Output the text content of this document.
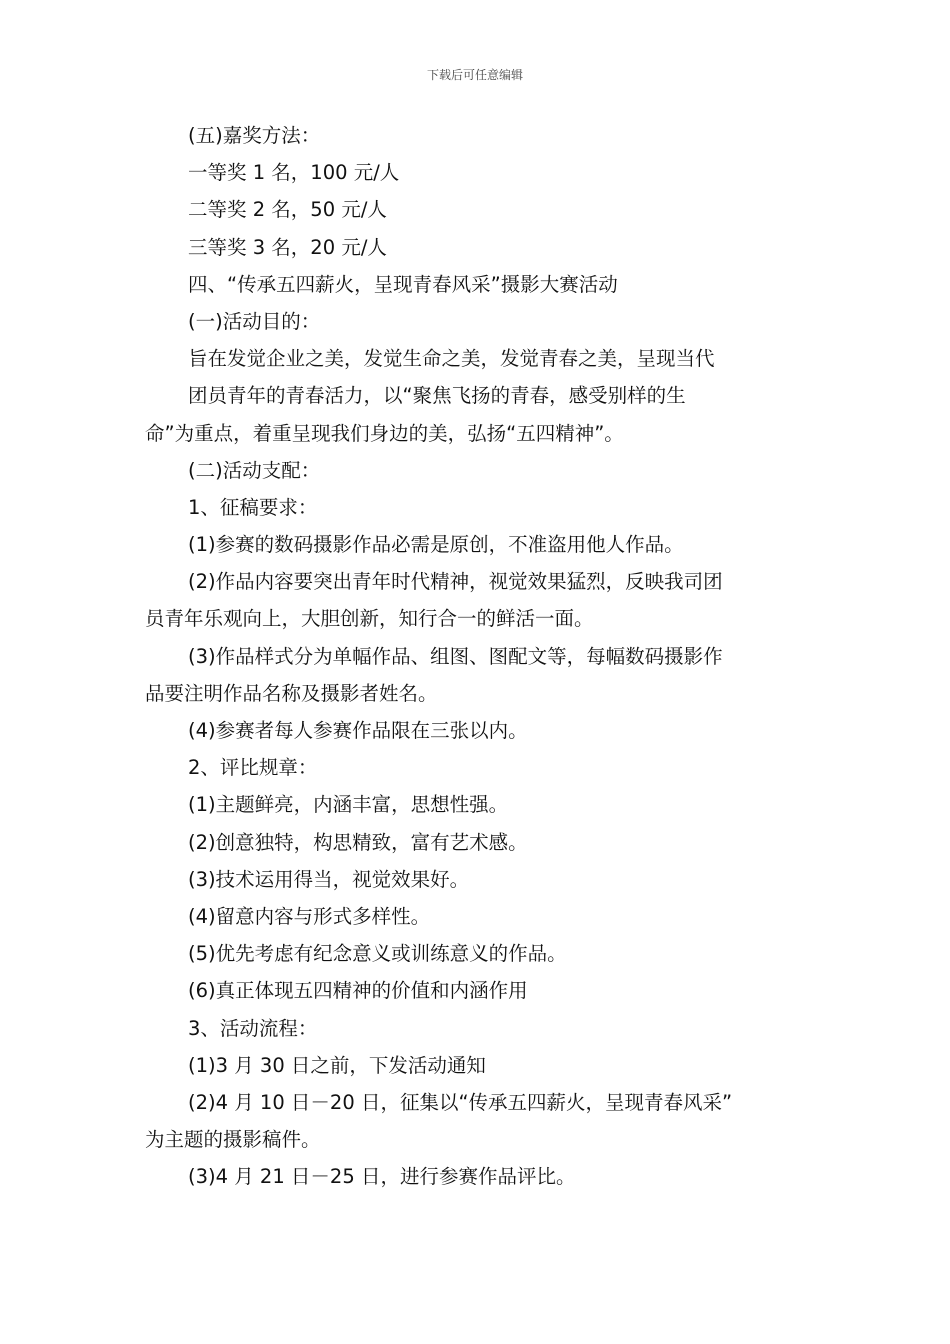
下载后可任意编辑
(五)嘉奖方法：
一等奖 1 名，100 元/人
二等奖 2 名，50 元/人
三等奖 3 名，20 元/人
四、“传承五四薪火，呈现青春风采”摄影大赛活动
(一)活动目的：
旨在发觉企业之美，发觉生命之美，发觉青春之美，呈现当代
团员青年的青春活力，以“聚焦飞扬的青春，感受别样的生
命”为重点，着重呈现我们身边的美，弘扬“五四精神”。
(二)活动支配：
1、征稿要求：
(1)参赛的数码摄影作品必需是原创，不准盗用他人作品。
(2)作品内容要突出青年时代精神，视觉效果猛烈，反映我司团
员青年乐观向上，大胆创新，知行合一的鲜活一面。
(3)作品样式分为单幅作品、组图、图配文等，每幅数码摄影作
品要注明作品名称及摄影者姓名。
(4)参赛者每人参赛作品限在三张以内。
2、评比规章：
(1)主题鲜亮，内涵丰富，思想性强。
(2)创意独特，构思精致，富有艺术感。
(3)技术运用得当，视觉效果好。
(4)留意内容与形式多样性。
(5)优先考虑有纪念意义或训练意义的作品。
(6)真正体现五四精神的价值和内涵作用
3、活动流程：
(1)3 月 30 日之前，下发活动通知
(2)4 月 10 日－20 日，征集以“传承五四薪火，呈现青春风采”
为主题的摄影稿件。
(3)4 月 21 日－25 日，进行参赛作品评比。
